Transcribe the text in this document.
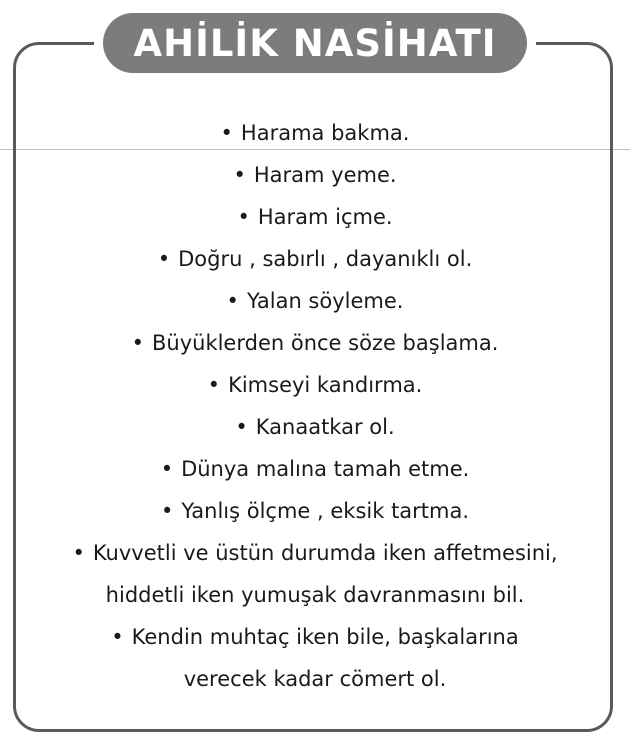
AHİLİK NASİHATI
• Harama bakma.
• Haram yeme.
• Haram içme.
• Doğru , sabırlı , dayanıklı ol.
• Yalan söyleme.
• Büyüklerden önce söze başlama.
• Kimseyi kandırma.
• Kanaatkar ol.
• Dünya malına tamah etme.
• Yanlış ölçme , eksik tartma.
• Kuvvetli ve üstün durumda iken affetmesini,
hiddetli iken yumuşak davranmasını bil.
• Kendin muhtaç iken bile, başkalarına
verecek kadar cömert ol.
